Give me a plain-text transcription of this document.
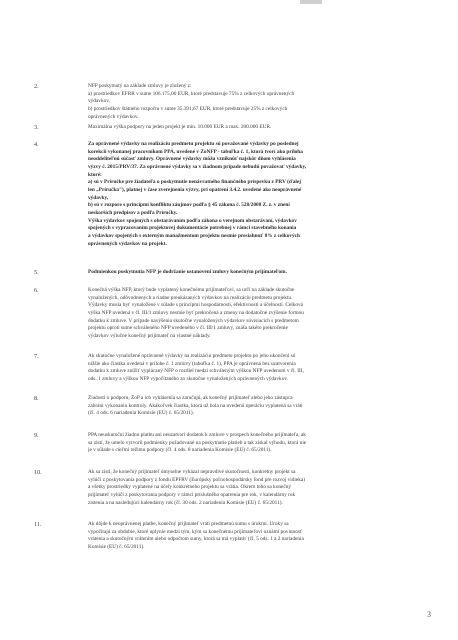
2.	NFP poskytnutý na základe zmluvy je zložený z:
a) prostriedkov EFRR v sume 106.175,00 EUR, ktoré predstavuje 75% z celkových oprávnených
výdavkov,
b) prostriedkov štátneho rozpočtu v sume 35.391,67 EUR, ktoré predstavuje 25% z celkových
oprávnených výdavkov.
3.	Maximálna výška podpory na jeden projekt je min. 10.000 EUR a max. 200.000 EUR.
4.	Za oprávnené výdavky na realizáciu predmetu projektu sú považované výdavky po poslednej
korekcii vykonanej pracovníkom PPA, uvedené v ŽoNFP - tabuľka č. 1, ktorá tvorí ako príloha
neoddeliteľnú súčasť zmluvy. Oprávnené výdavky môžu vzniknúť najskôr dňom vyhlásenia
výzvy č. 2015/PRV/37. Za oprávnené výdavky sa v žiadnom prípade nebudú považovať výdavky,
ktoré:
a) sú v Príručke pre žiadateľa o poskytnutie nenávratného finančného príspevku z PRV (ďalej
len „Príručka"), platnej v čase zverejnenia výzvy, pri opatrení 3.4.2. uvedené ako neoprávnené
výdavky,
b) sú v rozpore s princípmi konfliktu záujmov podľa § 45 zákona č. 528/2008 Z. z. v znení
neskorších predpisov a podľa Príručky.
Výška výdavkov spojených s obstarávaním podľa zákona o verejnom obstarávaní, výdavkov
spojených s vypracovaním projektovej dokumentácie potrebnej v rámci stavebného konania
a výdavkov spojených s externým manažmentom projektu nesmie presiahnuť 8% z celkových
oprávnených výdavkov na projekt.
5.	Podmienkou poskytnutia NFP je dodržanie ustanovení zmluvy konečným prijímateľom.
6.	Konečná výška NFP, ktorý bude vyplatený konečnému prijímateľovi, sa určí na základe skutočne
vynaložených, odôvodnených a riadne preukázaných výdavkov na realizáciu predmetu projektu.
Výdavky musia byť vynaložené v súlade s princípmi hospodárnosti, efektívnosti a účelnosti. Celková
výška NFP uvedená v čl. III/1 zmluvy nesmie byť prekročená a zmeny na dodatočné zvýšenie formou
dodatku k zmluve. V prípade navýšenia skutočne vynaložených výdavkov súvisiacich s predmetom
projektu oproti sume schváleného NFP uvedeného v čl. III/1 zmluvy, znáša takéto prekročenie
výdavkov výlučne konečný prijímateľ na vlastné náklady.
7.	Ak skutočne vynaložené oprávnené výdavky na realizáciu predmetu projektu po jeho ukončení sú
nižšie ako čiastka uvedená v prílohe č. 1 zmluvy (tabuľka č. 1), PPA je oprávnená bez uzatvorenia
dodatku k zmluve znížiť vyplácaný NFP o rozdiel medzi schváleným výškou NFP uvedenom v čl. III,
ods. 1 zmluvy a výškou NFP vypočítaného zo skutočne vynaložených oprávnených výdavkov.
8.	Žiadosti o podporu, ŽoP a ich vyhlásenia sa zaručujú, ak konečný prijímateľ alebo jeho zástupca
zabráni vykonaniu kontroly. Akákoľvek čiastka, ktorá už bola na uvedenú operáciu vyplatená sa vráti
(čl. 4 ods. 6 nariadenia Komisie (EÚ) č. 65/2011).
9.	PPA neuskutoční žiadnu platbu ani neuzatvorí dodatok k zmluve v prospech konečného prijímateľa, ak
sa zistí, že umelo vytvoril podmienky požadované na poskytnutie platieb a tak získal výhodu, ktorá nie
je v súlade s cieľmi režimu podpory (čl. 4 ods. 8 nariadenia Komisie (EÚ) č. 65/2011).
10.	Ak sa zistí, že konečný prijímateľ úmyselne vykázal nepravdivé skutočnosti, konkrétny projekt sa
vylúči z poskytovania podpory z fondu EPFRV (Európsky poľnohospodársky fond pre rozvoj vidieka)
a všetky prostriedky vyplatené na účely konkrétneho projektu sa vrátia. Okrem toho sa konečný
prijímateľ vylúči z poskytovania podpory v rámci príslušného opatrenia pre rok, v kalendárny rok
zistenia a na nasledujúci kalendárny rok (čl. 30 ods. 2 nariadenia Komisie (EÚ) č. 65/2011).
11.	Ak dôjde k neoprávnenej platbe, konečný prijímateľ vráti predmetnú sumu s úrokmi. Úroky sa
vypočítajú za obdobie, ktoré uplynie medzi tým, kým sa konečnému prijímateľovi oznámi povinnosť
vrátenia a skutočným vrátením alebo odpočtom sumy, ktorá sa má vyplatiť (čl. 5 ods. 1 a 2 nariadenia
Komisie (EÚ) č. 65/2011).
3
